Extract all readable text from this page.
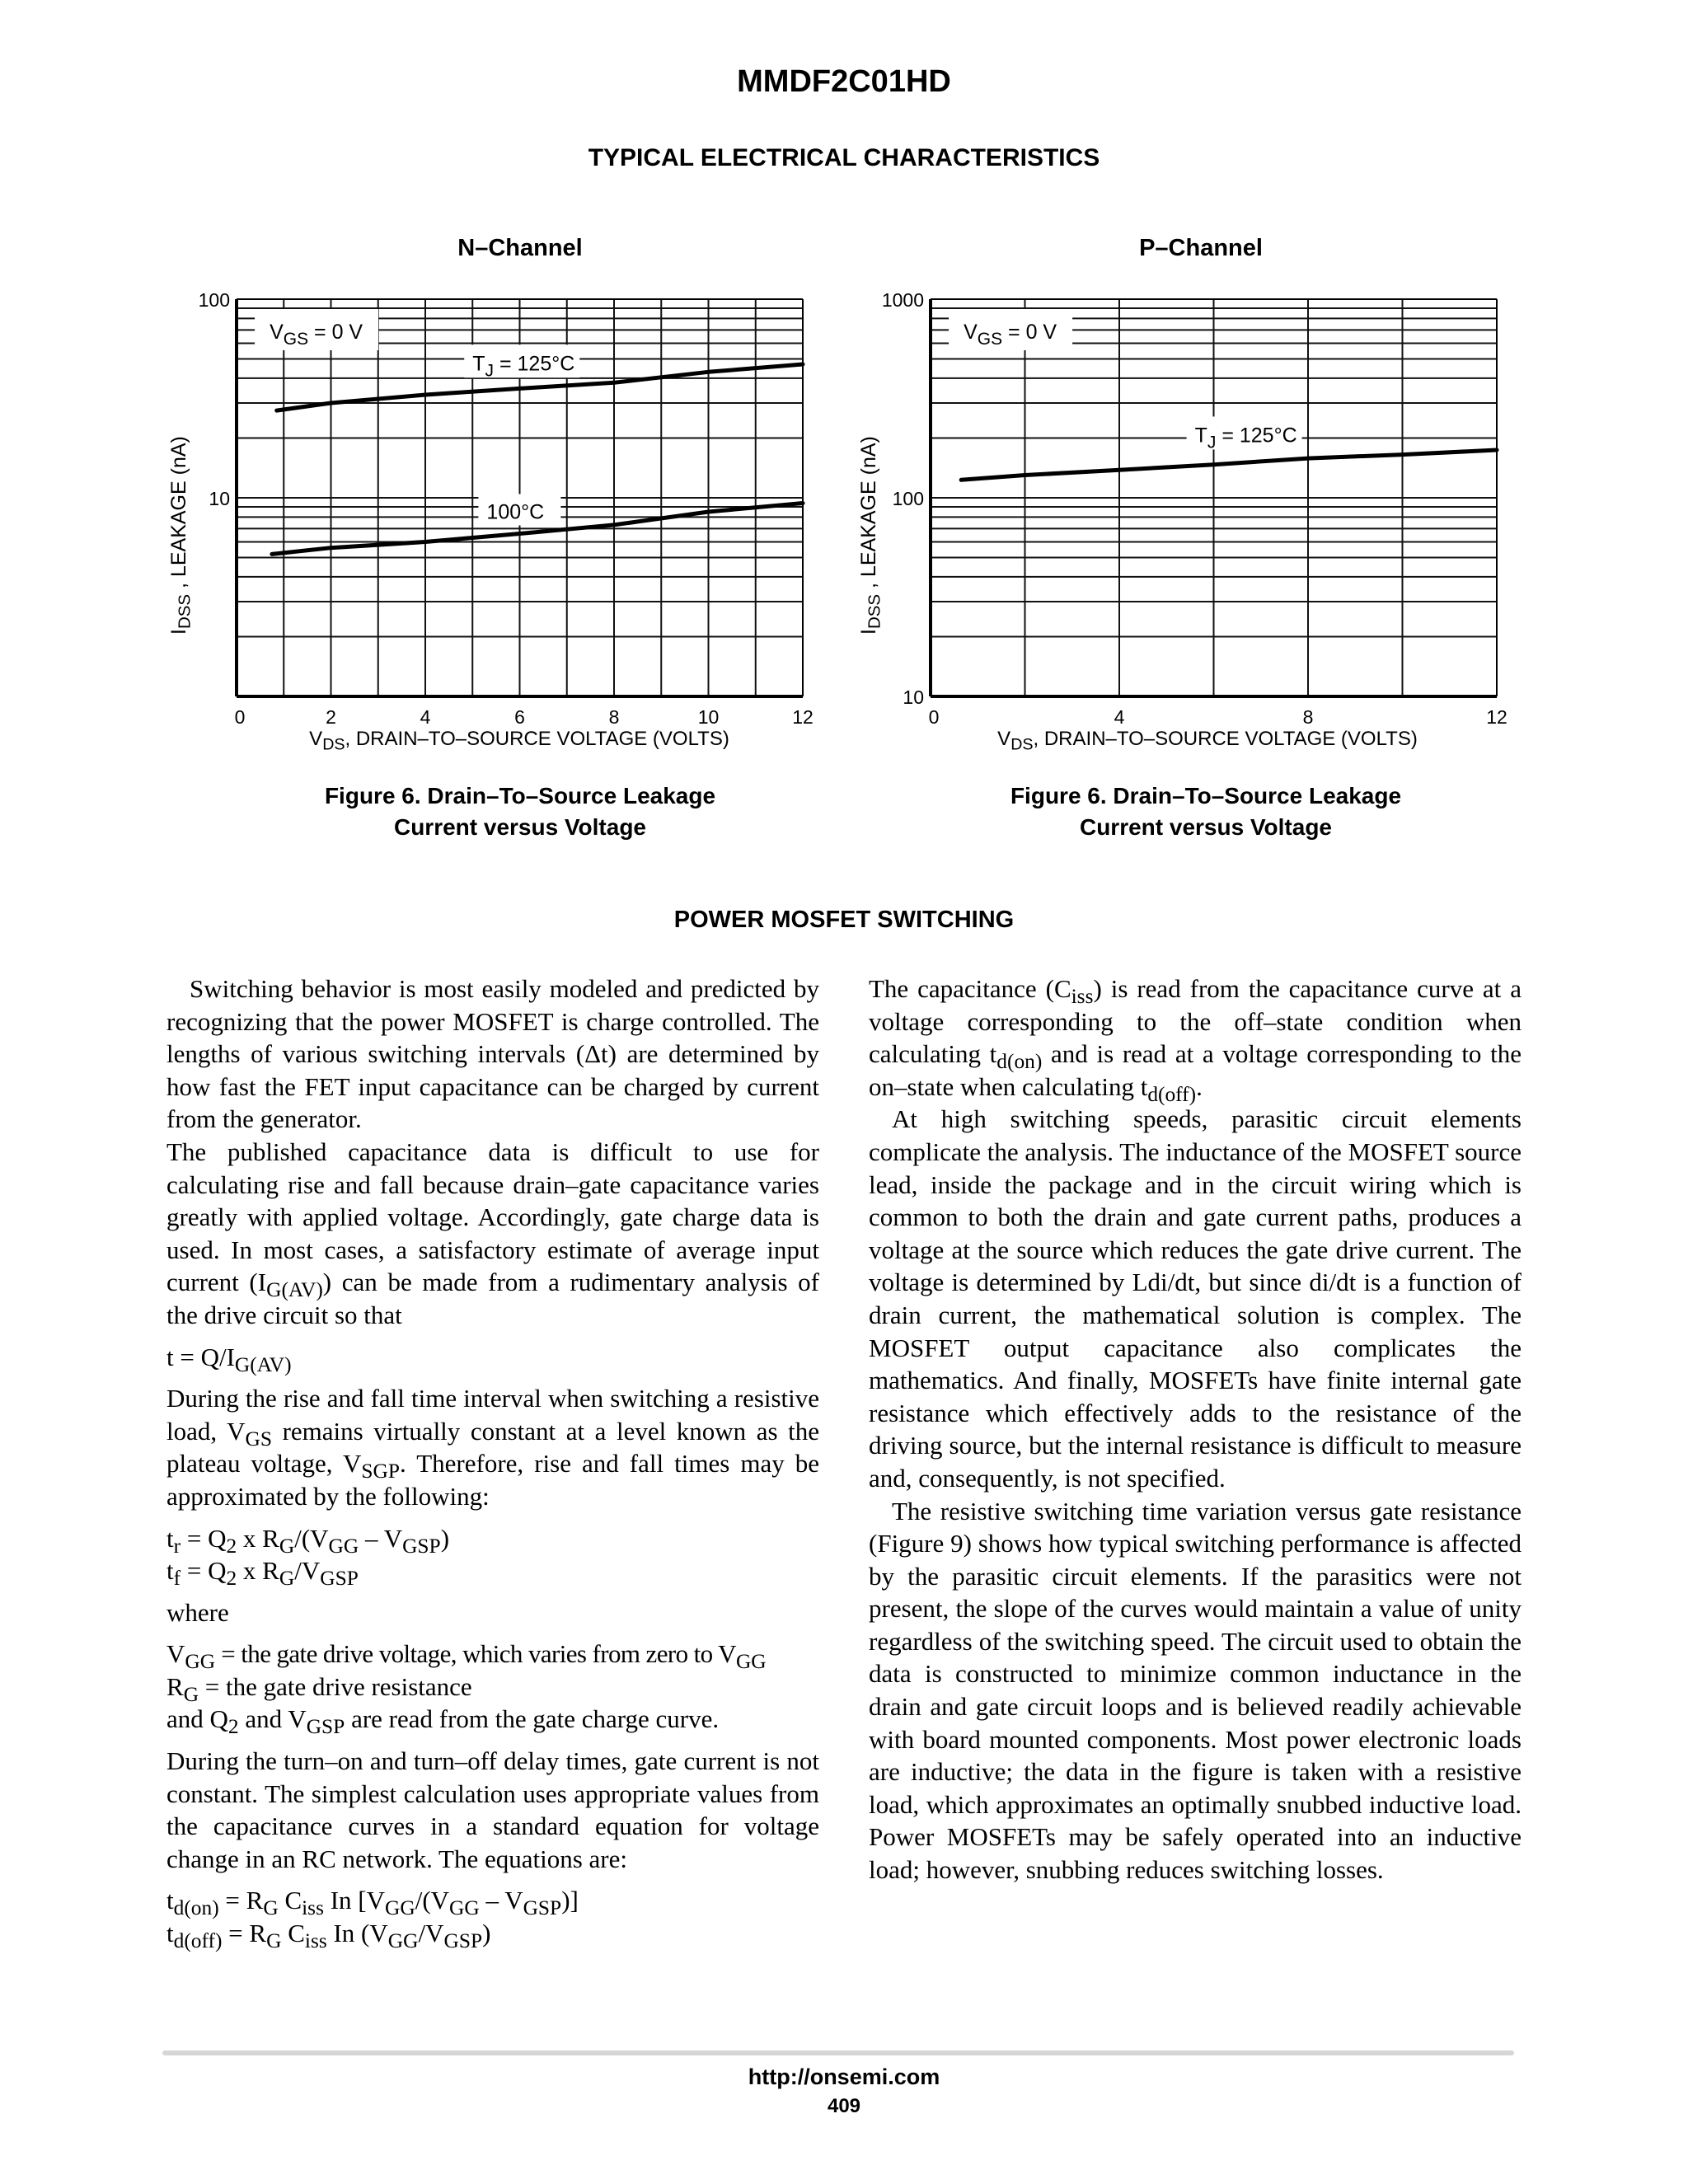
MMDF2C01HD
TYPICAL ELECTRICAL CHARACTERISTICS
N–Channel
$I_{DSS}$ , LEAKAGE (nA)
100
10
0	2	4	6	8	10	12
$V_{GS} = 0$ V
$T_J = 125^\circ C$
100°C
1000
100
10
0	4	8	12
$V_{GS} = 0$ V
$T_J = 125^\circ C$
$V_{DS}$, DRAIN–TO–SOURCE VOLTAGE (VOLTS)
Figure 6. Drain–To–Source Leakage
Current versus Voltage
P–Channel
$I_{DSS}$ , LEAKAGE (nA)
$V_{DS}$, DRAIN–TO–SOURCE VOLTAGE (VOLTS)
Figure 6. Drain–To–Source Leakage
Current versus Voltage
POWER MOSFET SWITCHING

Switching behavior is most easily modeled and predicted by recognizing that the power MOSFET is charge controlled. The lengths of various switching intervals (Δt) are determined by how fast the FET input capacitance can be charged by current from the generator.

The published capacitance data is difficult to use for calculating rise and fall because drain–gate capacitance varies greatly with applied voltage. Accordingly, gate charge data is used. In most cases, a satisfactory estimate of average input current $(I_{G(AV)})$ can be made from a rudimentary analysis of the drive circuit so that

$t = Q/I_{G(AV)}$

During the rise and fall time interval when switching a resistive load, $V_{GS}$ remains virtually constant at a level known as the plateau voltage, $V_{SGP}$. Therefore, rise and fall times may be approximated by the following:

$t_r = Q_2$ x $R_G/(V_{GG} - V_{GSP})$

$t_f = Q_2$ x $R_G/V_{GSP}$

where

$V_{GG}$ = the gate drive voltage, which varies from zero to $V_{GG}$

$R_G$ = the gate drive resistance

and $Q_2$ and $V_{GSP}$ are read from the gate charge curve.

During the turn–on and turn–off delay times, gate current is not constant. The simplest calculation uses appropriate values from the capacitance curves in a standard equation for voltage change in an RC network. The equations are:

$t_{d(on)} = R_G$ $C_{iss}$ In $[V_{GG}/(V_{GG} - V_{GSP})]$

$t_{d(off)} = R_G$ $C_{iss}$ In $(V_{GG}/V_{GSP})$

The capacitance $(C_{iss})$ is read from the capacitance curve at a voltage corresponding to the off–state condition when calculating $t_{d(on)}$ and is read at a voltage corresponding to the on–state when calculating $t_{d(off)}$.

At high switching speeds, parasitic circuit elements complicate the analysis. The inductance of the MOSFET source lead, inside the package and in the circuit wiring which is common to both the drain and gate current paths, produces a voltage at the source which reduces the gate drive current. The voltage is determined by Ldi/dt, but since di/dt is a function of drain current, the mathematical solution is complex. The MOSFET output capacitance also complicates the mathematics. And finally, MOSFETs have finite internal gate resistance which effectively adds to the resistance of the driving source, but the internal resistance is difficult to measure and, consequently, is not specified.

The resistive switching time variation versus gate resistance (Figure 9) shows how typical switching performance is affected by the parasitic circuit elements. If the parasitics were not present, the slope of the curves would maintain a value of unity regardless of the switching speed. The circuit used to obtain the data is constructed to minimize common inductance in the drain and gate circuit loops and is believed readily achievable with board mounted components. Most power electronic loads are inductive; the data in the figure is taken with a resistive load, which approximates an optimally snubbed inductive load. Power MOSFETs may be safely operated into an inductive load; however, snubbing reduces switching losses.

http://onsemi.com
409
